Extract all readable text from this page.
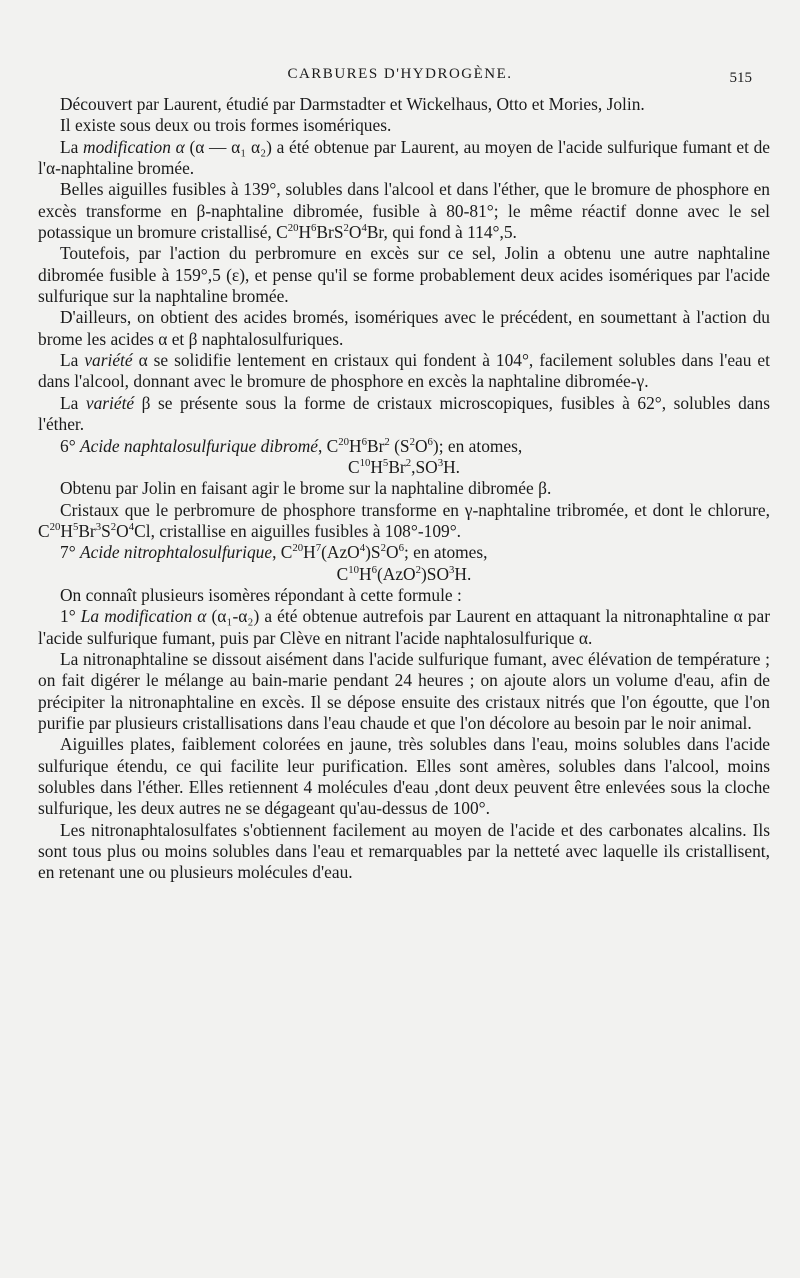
CARBURES D'HYDROGÈNE.	515

Découvert par Laurent, étudié par Darmstadter et Wickelhaus, Otto et Mories, Jolin.

Il existe sous deux ou trois formes isomériques.

La modification α (α — α₁ α₂) a été obtenue par Laurent, au moyen de l'acide sulfurique fumant et de l'α-naphtaline bromée.

Belles aiguilles fusibles à 139°, solubles dans l'alcool et dans l'éther, que le bromure de phosphore en excès transforme en β-naphtaline dibromée, fusible à 80-81°; le même réactif donne avec le sel potassique un bromure cristallisé, $C^{20}H^6BrS^2O^4Br$, qui fond à 114°,5.

Toutefois, par l'action du perbromure en excès sur ce sel, Jolin a obtenu une autre naphtaline dibromée fusible à 159°,5 (ε), et pense qu'il se forme probablement deux acides isomériques par l'acide sulfurique sur la naphtaline bromée.

D'ailleurs, on obtient des acides bromés, isomériques avec le précédent, en soumettant à l'action du brome les acides α et β naphtalosulfuriques.

La variété α se solidifie lentement en cristaux qui fondent à 104°, facilement solubles dans l'eau et dans l'alcool, donnant avec le bromure de phosphore en excès la naphtaline dibromée-γ.

La variété β se présente sous la forme de cristaux microscopiques, fusibles à 62°, solubles dans l'éther.

6° Acide naphtalosulfurique dibromé, $C^{20}H^6Br^2$ $(S^2O^6)$; en atomes,

$C^{10}H^5Br^2,SO^3H$.

Obtenu par Jolin en faisant agir le brome sur la naphtaline dibromée β.

Cristaux que le perbromure de phosphore transforme en γ-naphtaline tribromée, et dont le chlorure, $C^{20}H^5Br^3S^2O^4Cl$, cristallise en aiguilles fusibles à 108°-109°.

7° Acide nitrophtalosulfurique, $C^{20}H^7(AzO^4)S^2O^6$; en atomes,

$C^{10}H^6(AzO^2)SO^3H$.

On connaît plusieurs isomères répondant à cette formule :

1° La modification α (α₁-α₂) a été obtenue autrefois par Laurent en attaquant la nitronaphtaline α par l'acide sulfurique fumant, puis par Clève en nitrant l'acide naphtalosulfurique α.

La nitronaphtaline se dissout aisément dans l'acide sulfurique fumant, avec élévation de température ; on fait digérer le mélange au bain-marie pendant 24 heures ; on ajoute alors un volume d'eau, afin de précipiter la nitronaphtaline en excès. Il se dépose ensuite des cristaux nitrés que l'on égoutte, que l'on purifie par plusieurs cristallisations dans l'eau chaude et que l'on décolore au besoin par le noir animal.

Aiguilles plates, faiblement colorées en jaune, très solubles dans l'eau, moins solubles dans l'acide sulfurique étendu, ce qui facilite leur purification. Elles sont amères, solubles dans l'alcool, moins solubles dans l'éther. Elles retiennent 4 molécules d'eau ,dont deux peuvent être enlevées sous la cloche sulfurique, les deux autres ne se dégageant qu'au-dessus de 100°.

Les nitronaphtalosulfates s'obtiennent facilement au moyen de l'acide et des carbonates alcalins. Ils sont tous plus ou moins solubles dans l'eau et remarquables par la netteté avec laquelle ils cristallisent, en retenant une ou plusieurs molécules d'eau.
